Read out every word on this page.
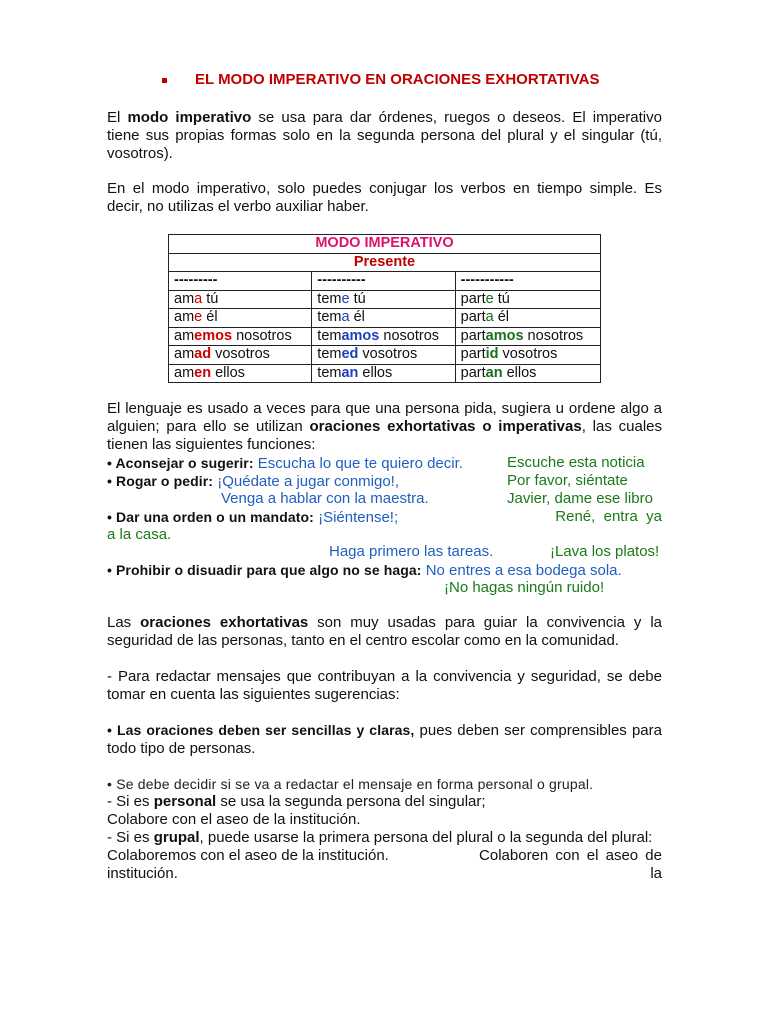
EL MODO IMPERATIVO EN ORACIONES EXHORTATIVAS
El modo imperativo se usa para dar órdenes, ruegos o deseos. El imperativo tiene sus propias formas solo en la segunda persona del plural y el singular (tú, vosotros).
En el modo imperativo, solo puedes conjugar los verbos en tiempo simple. Es decir, no utilizas el verbo auxiliar haber.
MODO IMPERATIVO		
Presente		
---------	----------	-----------
ama tú	teme tú	parte tú
ame él	tema él	parta él
amemos nosotros	temamos nosotros	partamos nosotros
amad vosotros	temed vosotros	partid vosotros
amen ellos	teman ellos	partan ellos
El lenguaje es usado a veces para que una persona pida, sugiera u ordene algo a alguien; para ello se utilizan oraciones exhortativas o imperativas, las cuales tienen las siguientes funciones:
• Aconsejar o sugerir: Escucha lo que te quiero decir.	Escuche esta noticia
• Rogar o pedir: ¡Quédate a jugar conmigo!,	Por favor, siéntate
Venga a hablar con la maestra.	Javier, dame ese libro
• Dar una orden o un mandato: ¡Siéntense!;	René,  entra  ya
a la casa.
Haga primero las tareas.	¡Lava los platos!
• Prohibir o disuadir para que algo no se haga: No entres a esa bodega sola.
¡No hagas ningún ruido!
Las oraciones exhortativas son muy usadas para guiar la convivencia y la seguridad de las personas, tanto en el centro escolar como en la comunidad.
- Para redactar mensajes que contribuyan a la convivencia y seguridad, se debe tomar en cuenta las siguientes sugerencias:
• Las oraciones deben ser sencillas y claras, pues deben ser comprensibles para todo tipo de personas.
• Se debe decidir si se va a redactar el mensaje en forma personal o grupal.
- Si es personal se usa la segunda persona del singular;
Colabore con el aseo de la institución.
- Si es grupal, puede usarse la primera persona del plural o la segunda del plural:
Colaboremos con el aseo de la institución.	Colaboren con el aseo de la
institución.
